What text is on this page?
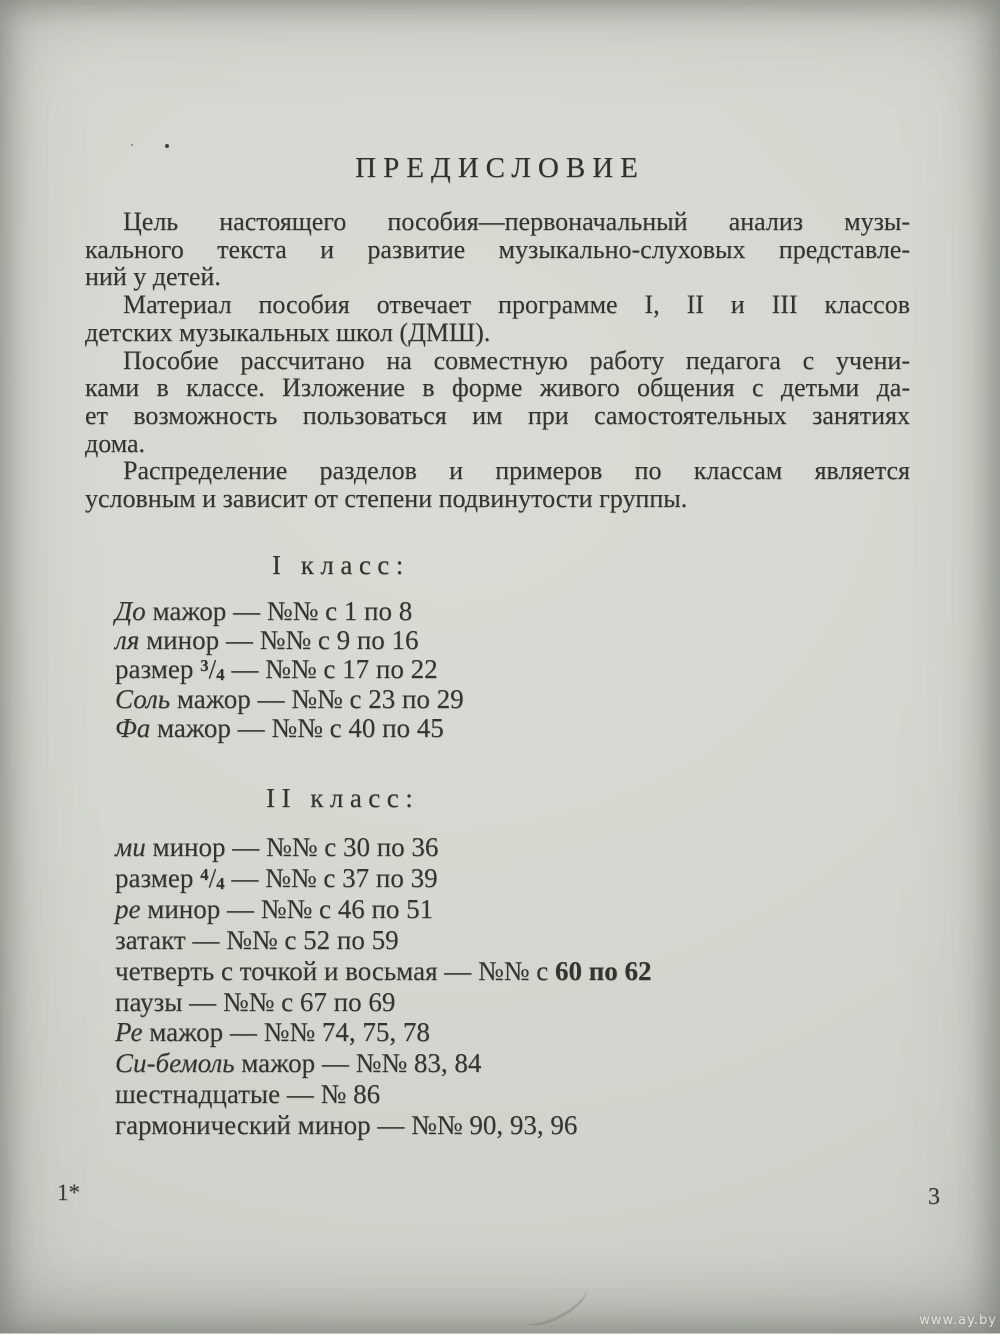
ПРЕДИСЛОВИЕ
Цель настоящего пособия—первоначальный анализ музы-
кального текста и развитие музыкально-слуховых представле-
ний у детей.
Материал пособия отвечает программе I, II и III классов
детских музыкальных школ (ДМШ).
Пособие рассчитано на совместную работу педагога с учени-
ками в классе. Изложение в форме живого общения с детьми да-
ет возможность пользоваться им при самостоятельных занятиях
дома.
Распределение разделов и примеров по классам является
условным и зависит от степени подвинутости группы.
I класс:
До мажор — №№ с 1 по 8
ля минор — №№ с 9 по 16
размер $^3/_4$ — №№ с 17 по 22
Соль мажор — №№ с 23 по 29
Фа мажор — №№ с 40 по 45
II класс:
ми минор — №№ с 30 по 36
размер $^4/_4$ — №№ с 37 по 39
ре минор — №№ с 46 по 51
затакт — №№ с 52 по 59
четверть с точкой и восьмая — №№ с 60 по 62
паузы — №№ с 67 по 69
Ре мажор — №№ 74, 75, 78
Си-бемоль мажор — №№ 83, 84
шестнадцатые — № 86
гармонический минор — №№ 90, 93, 96
1*	3
www.ay.by
